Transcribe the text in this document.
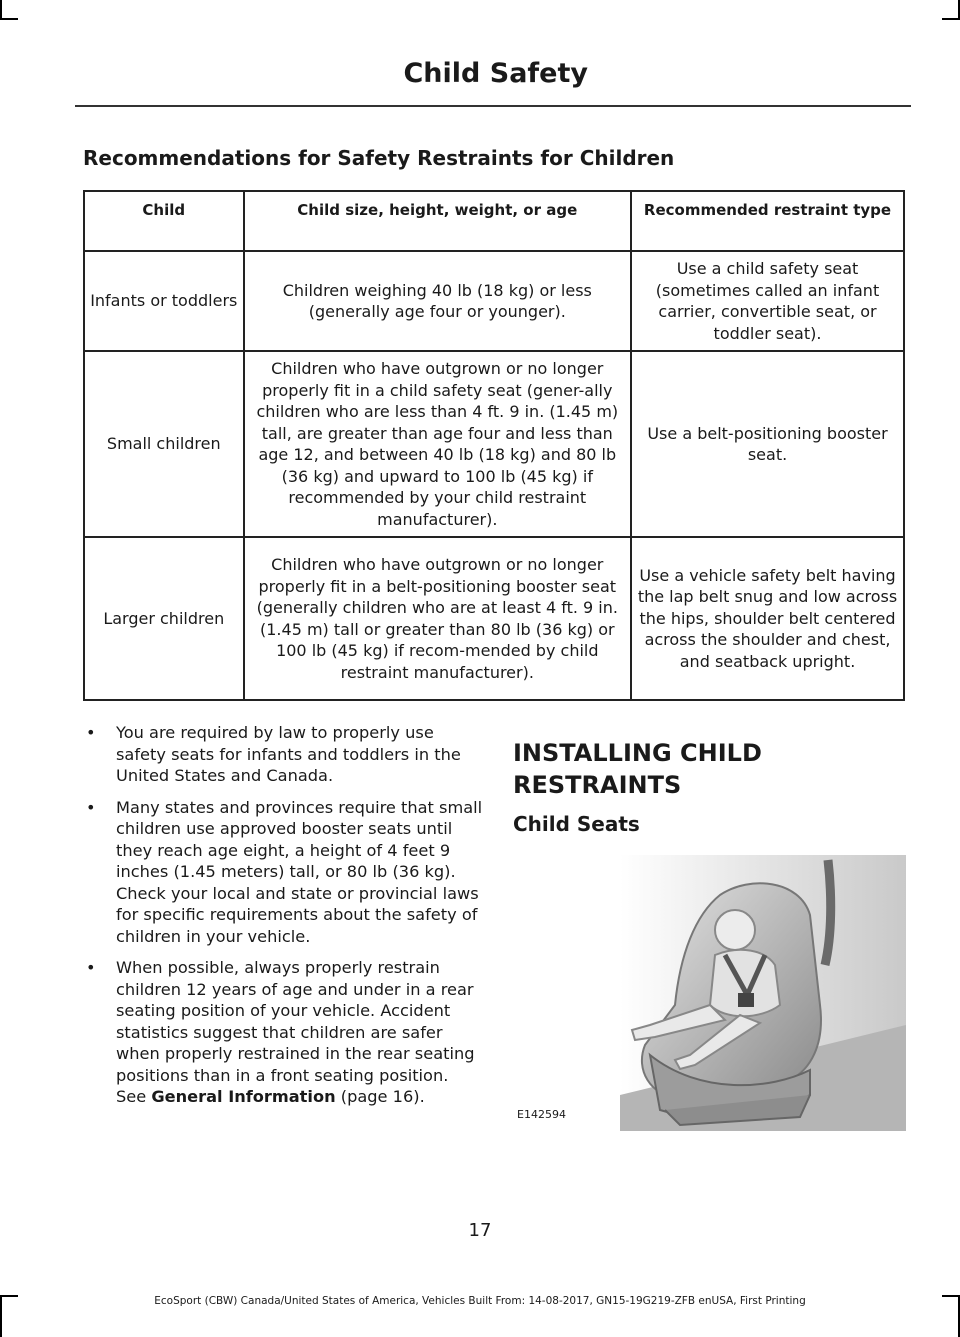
Child Safety
Recommendations for Safety Restraints for Children
Child	Child size, height, weight, or age	Recommended restraint type
Infants or toddlers	Children weighing 40 lb (18 kg) or less (generally age four or younger).	Use a child safety seat (sometimes called an infant carrier, convertible seat, or toddler seat).
Small children	Children who have outgrown or no longer properly fit in a child safety seat (gener-ally children who are less than 4 ft. 9 in. (1.45 m) tall, are greater than age four and less than age 12, and between 40 lb (18 kg) and 80 lb (36 kg) and upward to 100 lb (45 kg) if recommended by your child restraint manufacturer).	Use a belt-positioning booster seat.
Larger children	Children who have outgrown or no longer properly fit in a belt-positioning booster seat (generally children who are at least 4 ft. 9 in. (1.45 m) tall or greater than 80 lb (36 kg) or 100 lb (45 kg) if recom-mended by child restraint manufacturer).	Use a vehicle safety belt having the lap belt snug and low across the hips, shoulder belt centered across the shoulder and chest, and seatback upright.
• You are required by law to properly use safety seats for infants and toddlers in the United States and Canada.
• Many states and provinces require that small children use approved booster seats until they reach age eight, a height of 4 feet 9 inches (1.45 meters) tall, or 80 lb (36 kg). Check your local and state or provincial laws for specific requirements about the safety of children in your vehicle.
• When possible, always properly restrain children 12 years of age and under in a rear seating position of your vehicle. Accident statistics suggest that children are safer when properly restrained in the rear seating positions than in a front seating position. See General Information (page 16).
INSTALLING CHILD
RESTRAINTS
Child Seats
E142594
17
EcoSport (CBW) Canada/United States of America, Vehicles Built From: 14-08-2017, GN15-19G219-ZFB enUSA, First Printing
